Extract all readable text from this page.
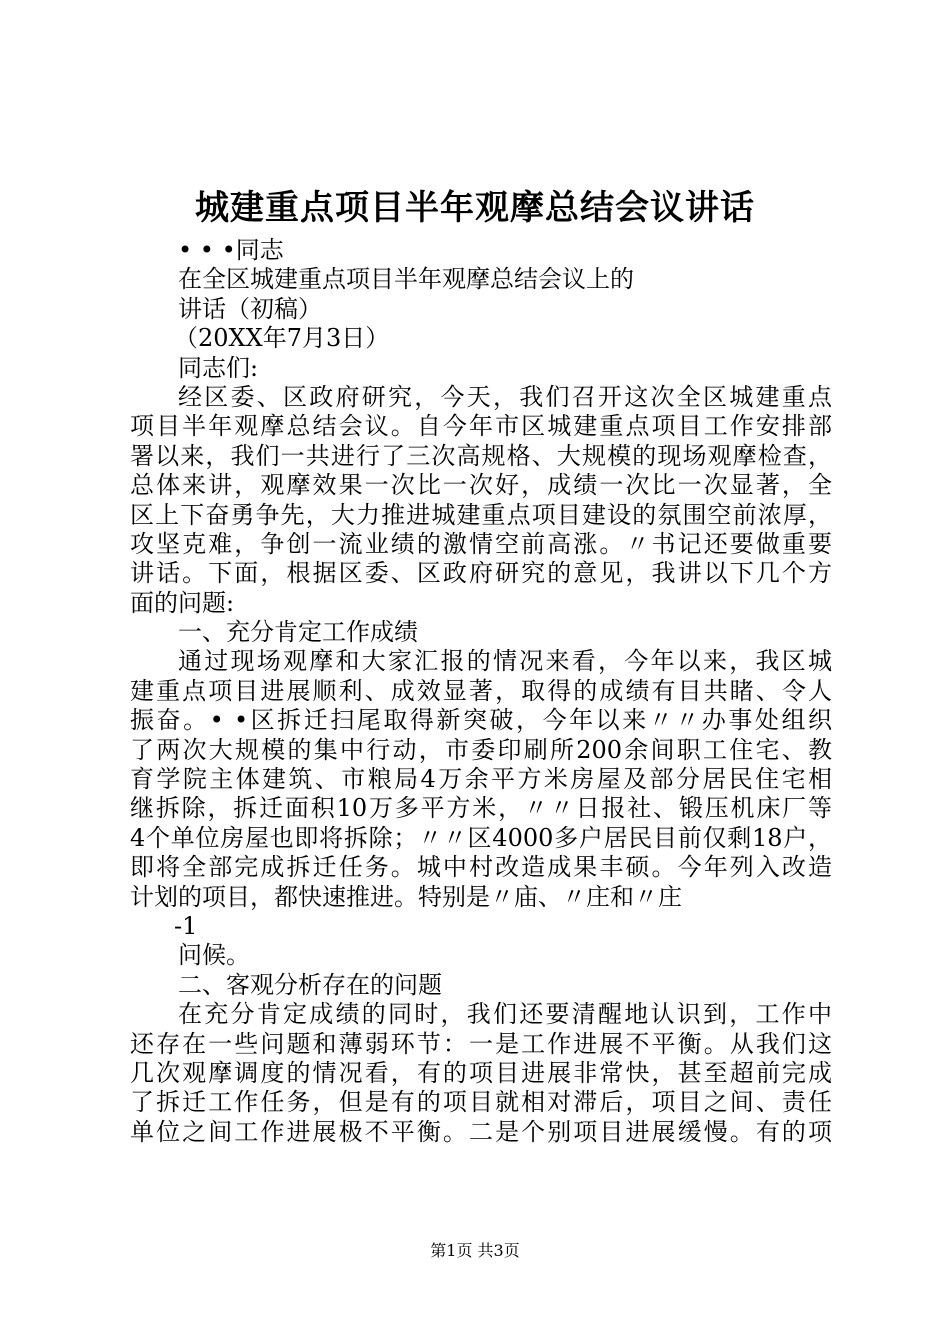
城建重点项目半年观摩总结会议讲话
• • •同志
在全区城建重点项目半年观摩总结会议上的
讲话（初稿）
（20XX年7月3日）
同志们:
经区委、区政府研究，今天，我们召开这次全区城建重点
项目半年观摩总结会议。自今年市区城建重点项目工作安排部
署以来，我们一共进行了三次高规格、大规模的现场观摩检查，
总体来讲，观摩效果一次比一次好，成绩一次比一次显著，全
区上下奋勇争先，大力推进城建重点项目建设的氛围空前浓厚，
攻坚克难，争创一流业绩的激情空前高涨。〃书记还要做重要
讲话。下面，根据区委、区政府研究的意见，我讲以下几个方
面的问题:
一、充分肯定工作成绩
通过现场观摩和大家汇报的情况来看，今年以来，我区城
建重点项目进展顺利、成效显著，取得的成绩有目共睹、令人
振奋。• •区拆迁扫尾取得新突破，今年以来〃〃办事处组织
了两次大规模的集中行动，市委印刷所200余间职工住宅、教
育学院主体建筑、市粮局4万余平方米房屋及部分居民住宅相
继拆除，拆迁面积10万多平方米，〃〃日报社、锻压机床厂等
4个单位房屋也即将拆除；〃〃区4000多户居民目前仅剩18户，
即将全部完成拆迁任务。城中村改造成果丰硕。今年列入改造
计划的项目，都快速推进。特别是〃庙、〃庄和〃庄
-1
问候。
二、客观分析存在的问题
在充分肯定成绩的同时，我们还要清醒地认识到，工作中
还存在一些问题和薄弱环节：一是工作进展不平衡。从我们这
几次观摩调度的情况看，有的项目进展非常快，甚至超前完成
了拆迁工作任务，但是有的项目就相对滞后，项目之间、责任
单位之间工作进展极不平衡。二是个别项目进展缓慢。有的项
第1页 共3页
